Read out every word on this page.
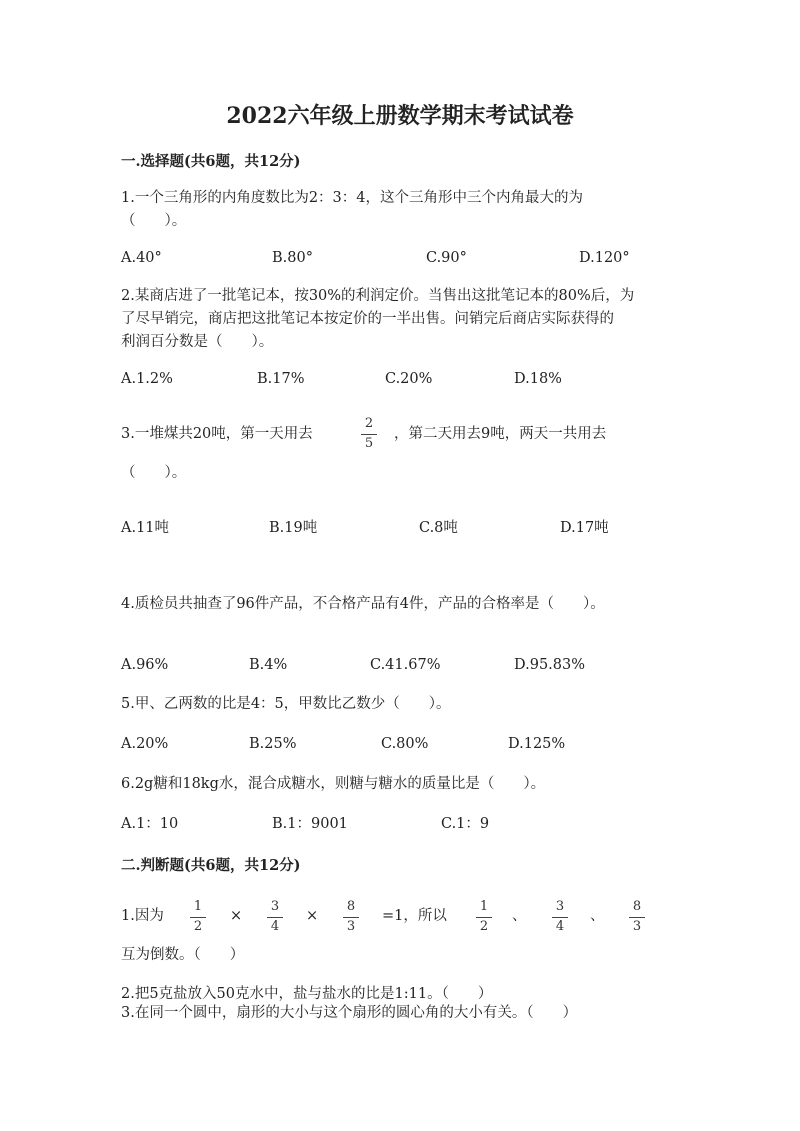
2022六年级上册数学期末考试试卷
一.选择题(共6题，共12分)
1.一个三角形的内角度数比为2：3：4，这个三角形中三个内角最大的为
（　　）。
A.40°	B.80°	C.90°	D.120°
2.某商店进了一批笔记本，按30%的利润定价。当售出这批笔记本的80%后，为
了尽早销完，商店把这批笔记本按定价的一半出售。问销完后商店实际获得的
利润百分数是（　　）。
A.1.2%	B.17%	C.20%	D.18%
3.一堆煤共20吨，第一天用去
2
5
，第二天用去9吨，两天一共用去
（　　）。
A.11吨	B.19吨	C.8吨	D.17吨
4.质检员共抽查了96件产品，不合格产品有4件，产品的合格率是（　　）。
A.96%	B.4%	C.41.67%	D.95.83%
5.甲、乙两数的比是4：5，甲数比乙数少（　　）。
A.20%	B.25%	C.80%	D.125%
6.2g糖和18kg水，混合成糖水，则糖与糖水的质量比是（　　）。
A.1：10	B.1：9001	C.1：9
二.判断题(共6题，共12分)
1.因为
1
2
×
3
4
×
8
3
=1，所以
1
2
、
3
4
、
8
3
互为倒数。（　　）
2.把5克盐放入50克水中，盐与盐水的比是1:11。（　　）
3.在同一个圆中，扇形的大小与这个扇形的圆心角的大小有关。（　　）
